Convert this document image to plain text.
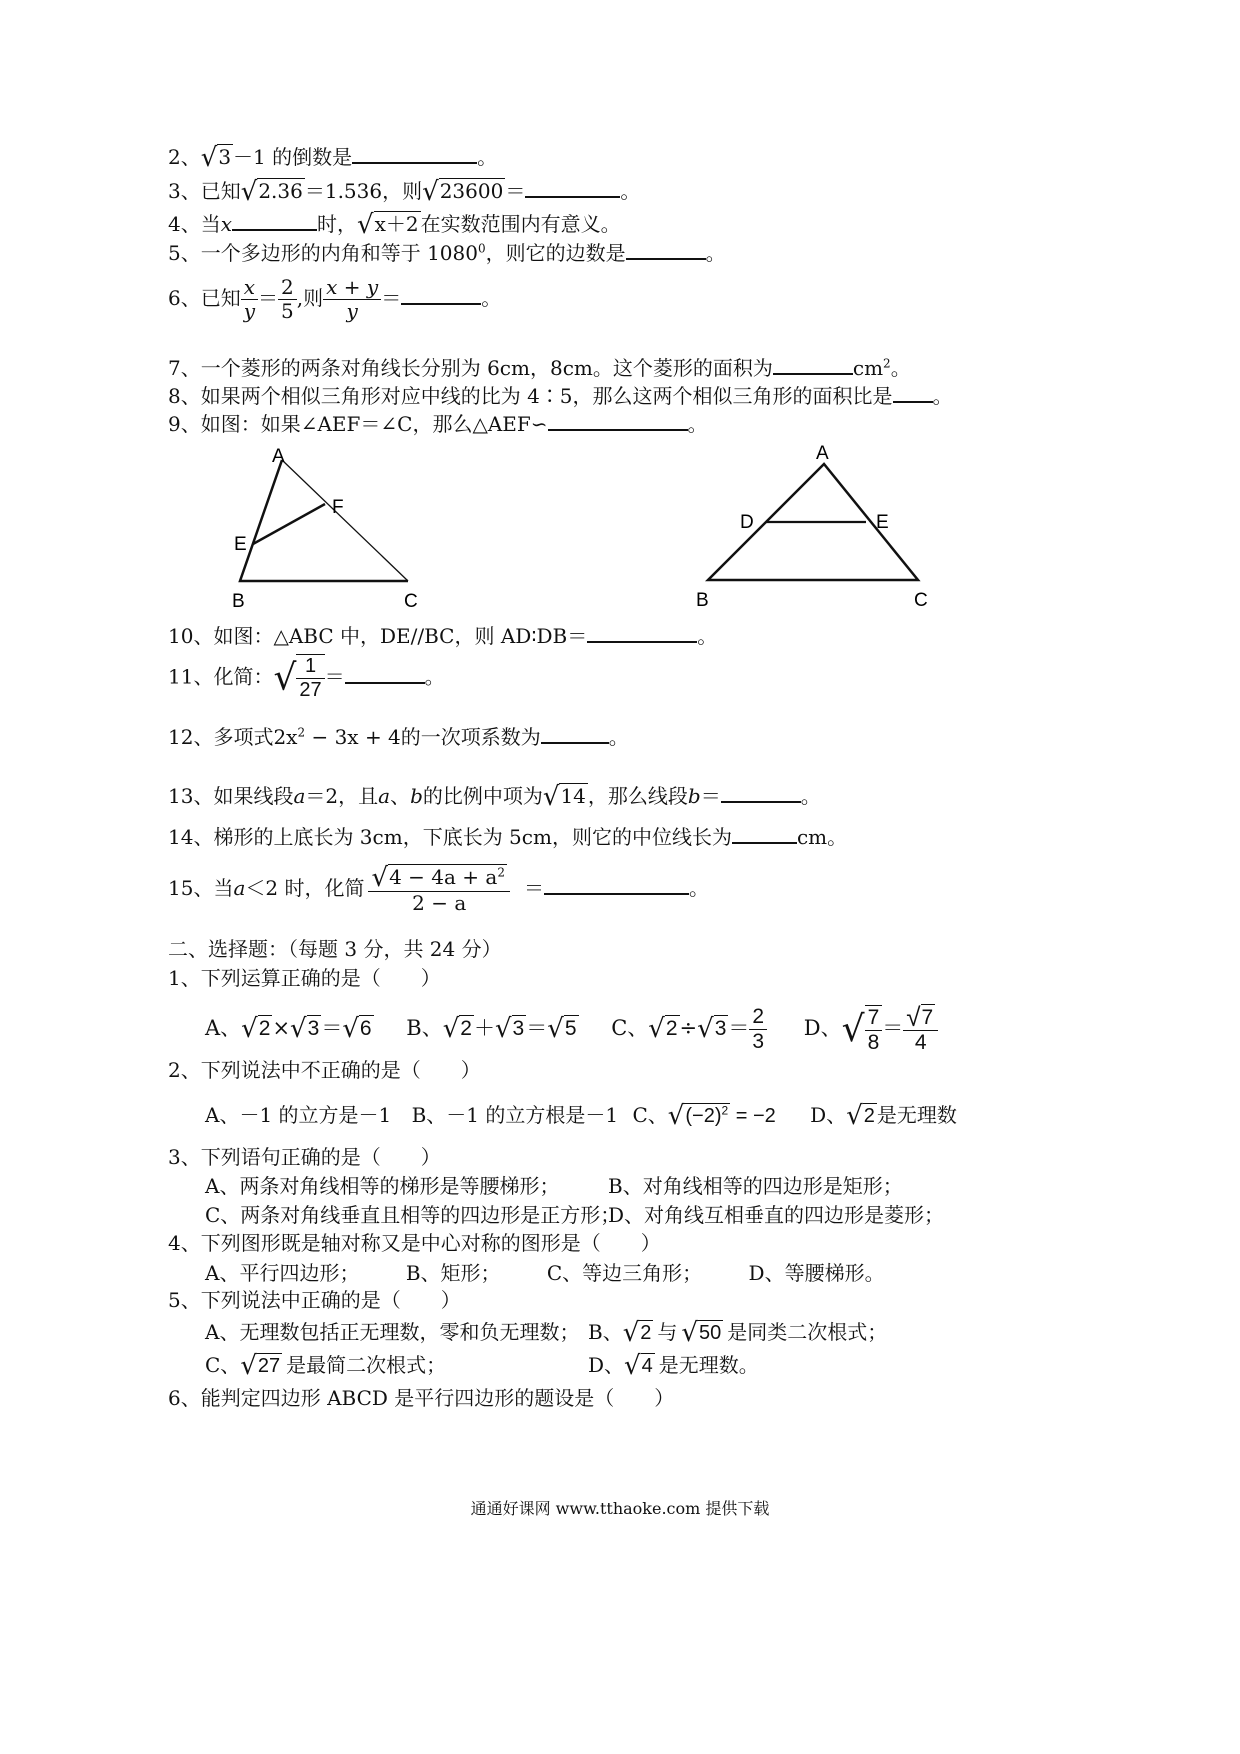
2、√3 －1 的倒数是	。
3、已知√2.36 ＝1.536，则√23600 ＝	。
4、当x	时，√x＋2 在实数范围内有意义。
5、一个多边形的内角和等于 1080$^0$，则它的边数是	。
6、已知 $\frac{x}{y} = \frac{2}{5}$ ,则 $\frac{x + y}{y}$ ＝	。
7、一个菱形的两条对角线长分别为 6cm，8cm。这个菱形的面积为	$cm^2$。
8、如果两个相似三角形对应中线的比为 4∶5，那么这两个相似三角形的面积比是 。
9、如图：如果∠AEF＝∠C，那么△AEF∽	。
A
F
E
B	C
A
D	E
B	C
10、如图：△ABC 中，DE//BC，则 AD∶DB＝	。
11、化简：√ $\frac{1}{27}$ ＝	。
12、多项式$2x^2 - 3x + 4$的一次项系数为	。
13、如果线段a＝2，且a、b的比例中项为√14 ，那么线段b＝	。
14、梯形的上底长为 3cm，下底长为 5cm，则它的中位线长为	cm。
15、当a＜2 时，化简 $\frac{√4 - 4a + a^2}{2 - a}$ ＝	。
二、选择题：（每题 3 分，共 24 分）
1、下列运算正确的是（　　）
A、√2×√3＝√6 B、√2＋√3＝√5 C、$√2\div√3= \frac{2}{3}$ D、√ $\frac{7}{8} = \frac{√7}{4}$
2、下列说法中不正确的是（　　）
A、－1 的立方是－1 B、－1 的立方根是－1 C、$√(-2)^2 = -2$ D、√2 是无理数
3、下列语句正确的是（　　）
A、两条对角线相等的梯形是等腰梯形； B、对角线相等的四边形是矩形；
C、两条对角线垂直且相等的四边形是正方形；
D、对角线互相垂直的四边形是菱形；
4、下列图形既是轴对称又是中心对称的图形是（　　）
A、平行四边形； B、矩形； C、等边三角形； D、等腰梯形。
5、下列说法中正确的是（　　）
A、无理数包括正无理数，零和负无理数； B、√2 与 √50 是同类二次根式；
C、√27 是最简二次根式；	D、√4 是无理数。
6、能判定四边形 ABCD 是平行四边形的题设是（　　）
通通好课网 www.tthaoke.com 提供下载
